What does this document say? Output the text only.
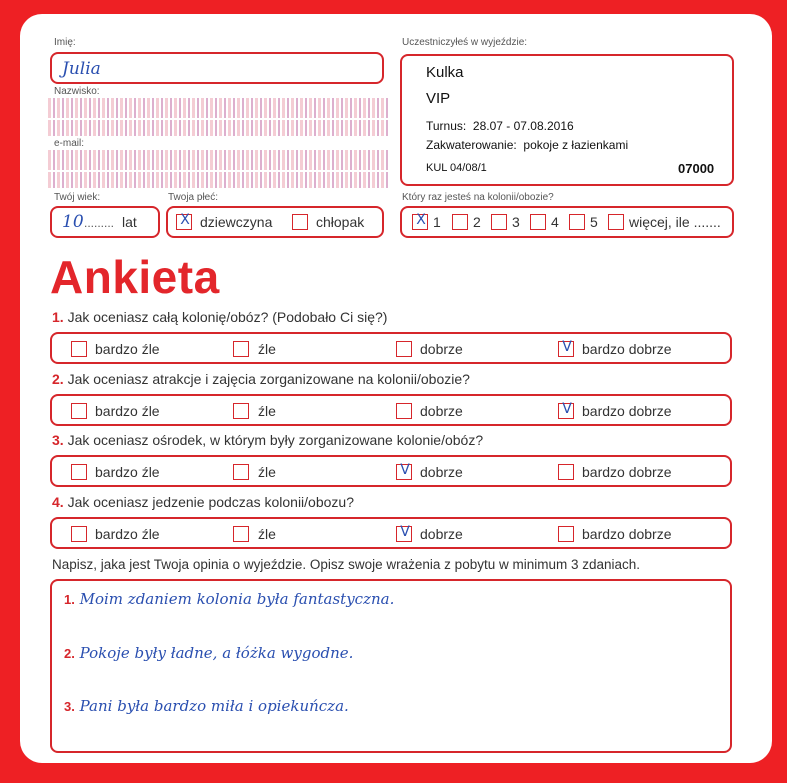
Imię:
Julia
Nazwisko:
e-mail:
Twój wiek:
10 ......... lat
Twoja płeć:
X dziewczyna	chłopak
Uczestniczyłeś w wyjeździe:
Kulka
VIP
Turnus: 28.07 - 07.08.2016
Zakwaterowanie: pokoje z łazienkami
KUL 04/08/1	07000
Który raz jesteś na kolonii/obozie?
X 1 2 3 4 5 więcej, ile .......
Ankieta
1. Jak oceniasz całą kolonię/obóz? (Podobało Ci się?)
bardzo źle	źle	dobrze	V bardzo dobrze
2. Jak oceniasz atrakcje i zajęcia zorganizowane na kolonii/obozie?
bardzo źle	źle	dobrze	V bardzo dobrze
3. Jak oceniasz ośrodek, w którym były zorganizowane kolonie/obóz?
bardzo źle	źle	V dobrze	bardzo dobrze
4. Jak oceniasz jedzenie podczas kolonii/obozu?
bardzo źle	źle	V dobrze	bardzo dobrze
Napisz, jaka jest Twoja opinia o wyjeździe. Opisz swoje wrażenia z pobytu w minimum 3 zdaniach.
1. Moim zdaniem kolonia była fantastyczna.
2. Pokoje były ładne, a łóżka wygodne.
3. Pani była bardzo miła i opiekuńcza.
